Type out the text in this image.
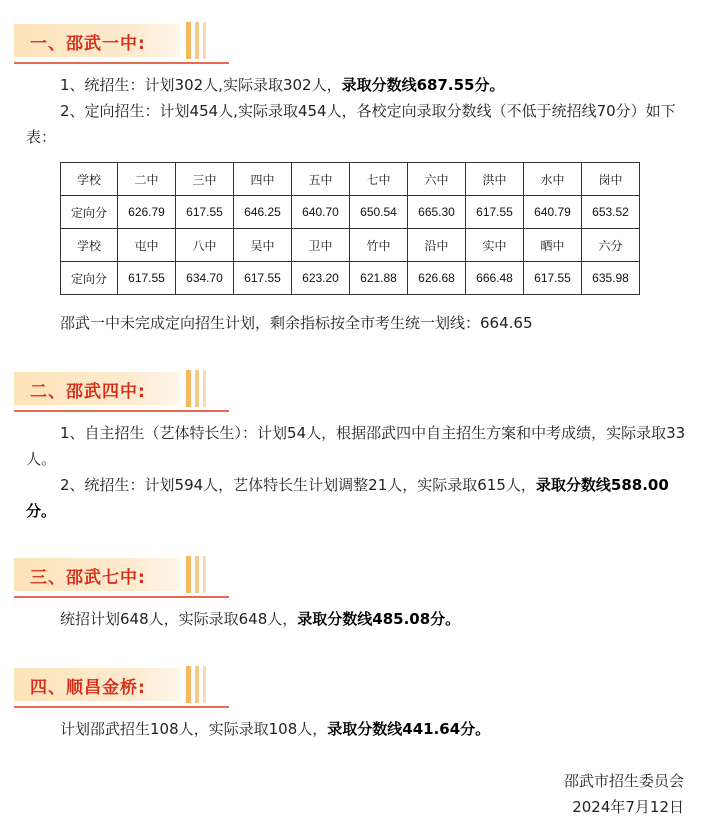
一、邵武一中:
1、统招生：计划302人,实际录取302人，录取分数线687.55分。
2、定向招生：计划454人,实际录取454人，各校定向录取分数线（不低于统招线70分）如下表：
学校	二中	三中	四中	五中	七中	六中	洪中	水中	岗中
定向分	626.79	617.55	646.25	640.70	650.54	665.30	617.55	640.79	653.52
学校	屯中	八中	吴中	卫中	竹中	沿中	实中	晒中	六分
定向分	617.55	634.70	617.55	623.20	621.88	626.68	666.48	617.55	635.98
邵武一中未完成定向招生计划，剩余指标按全市考生统一划线：664.65
二、邵武四中:
1、自主招生（艺体特长生）：计划54人，根据邵武四中自主招生方案和中考成绩，实际录取33人。
2、统招生：计划594人，艺体特长生计划调整21人，实际录取615人，录取分数线588.00分。
三、邵武七中:
统招计划648人，实际录取648人，录取分数线485.08分。
四、顺昌金桥:
计划邵武招生108人，实际录取108人，录取分数线441.64分。
邵武市招生委员会
2024年7月12日
